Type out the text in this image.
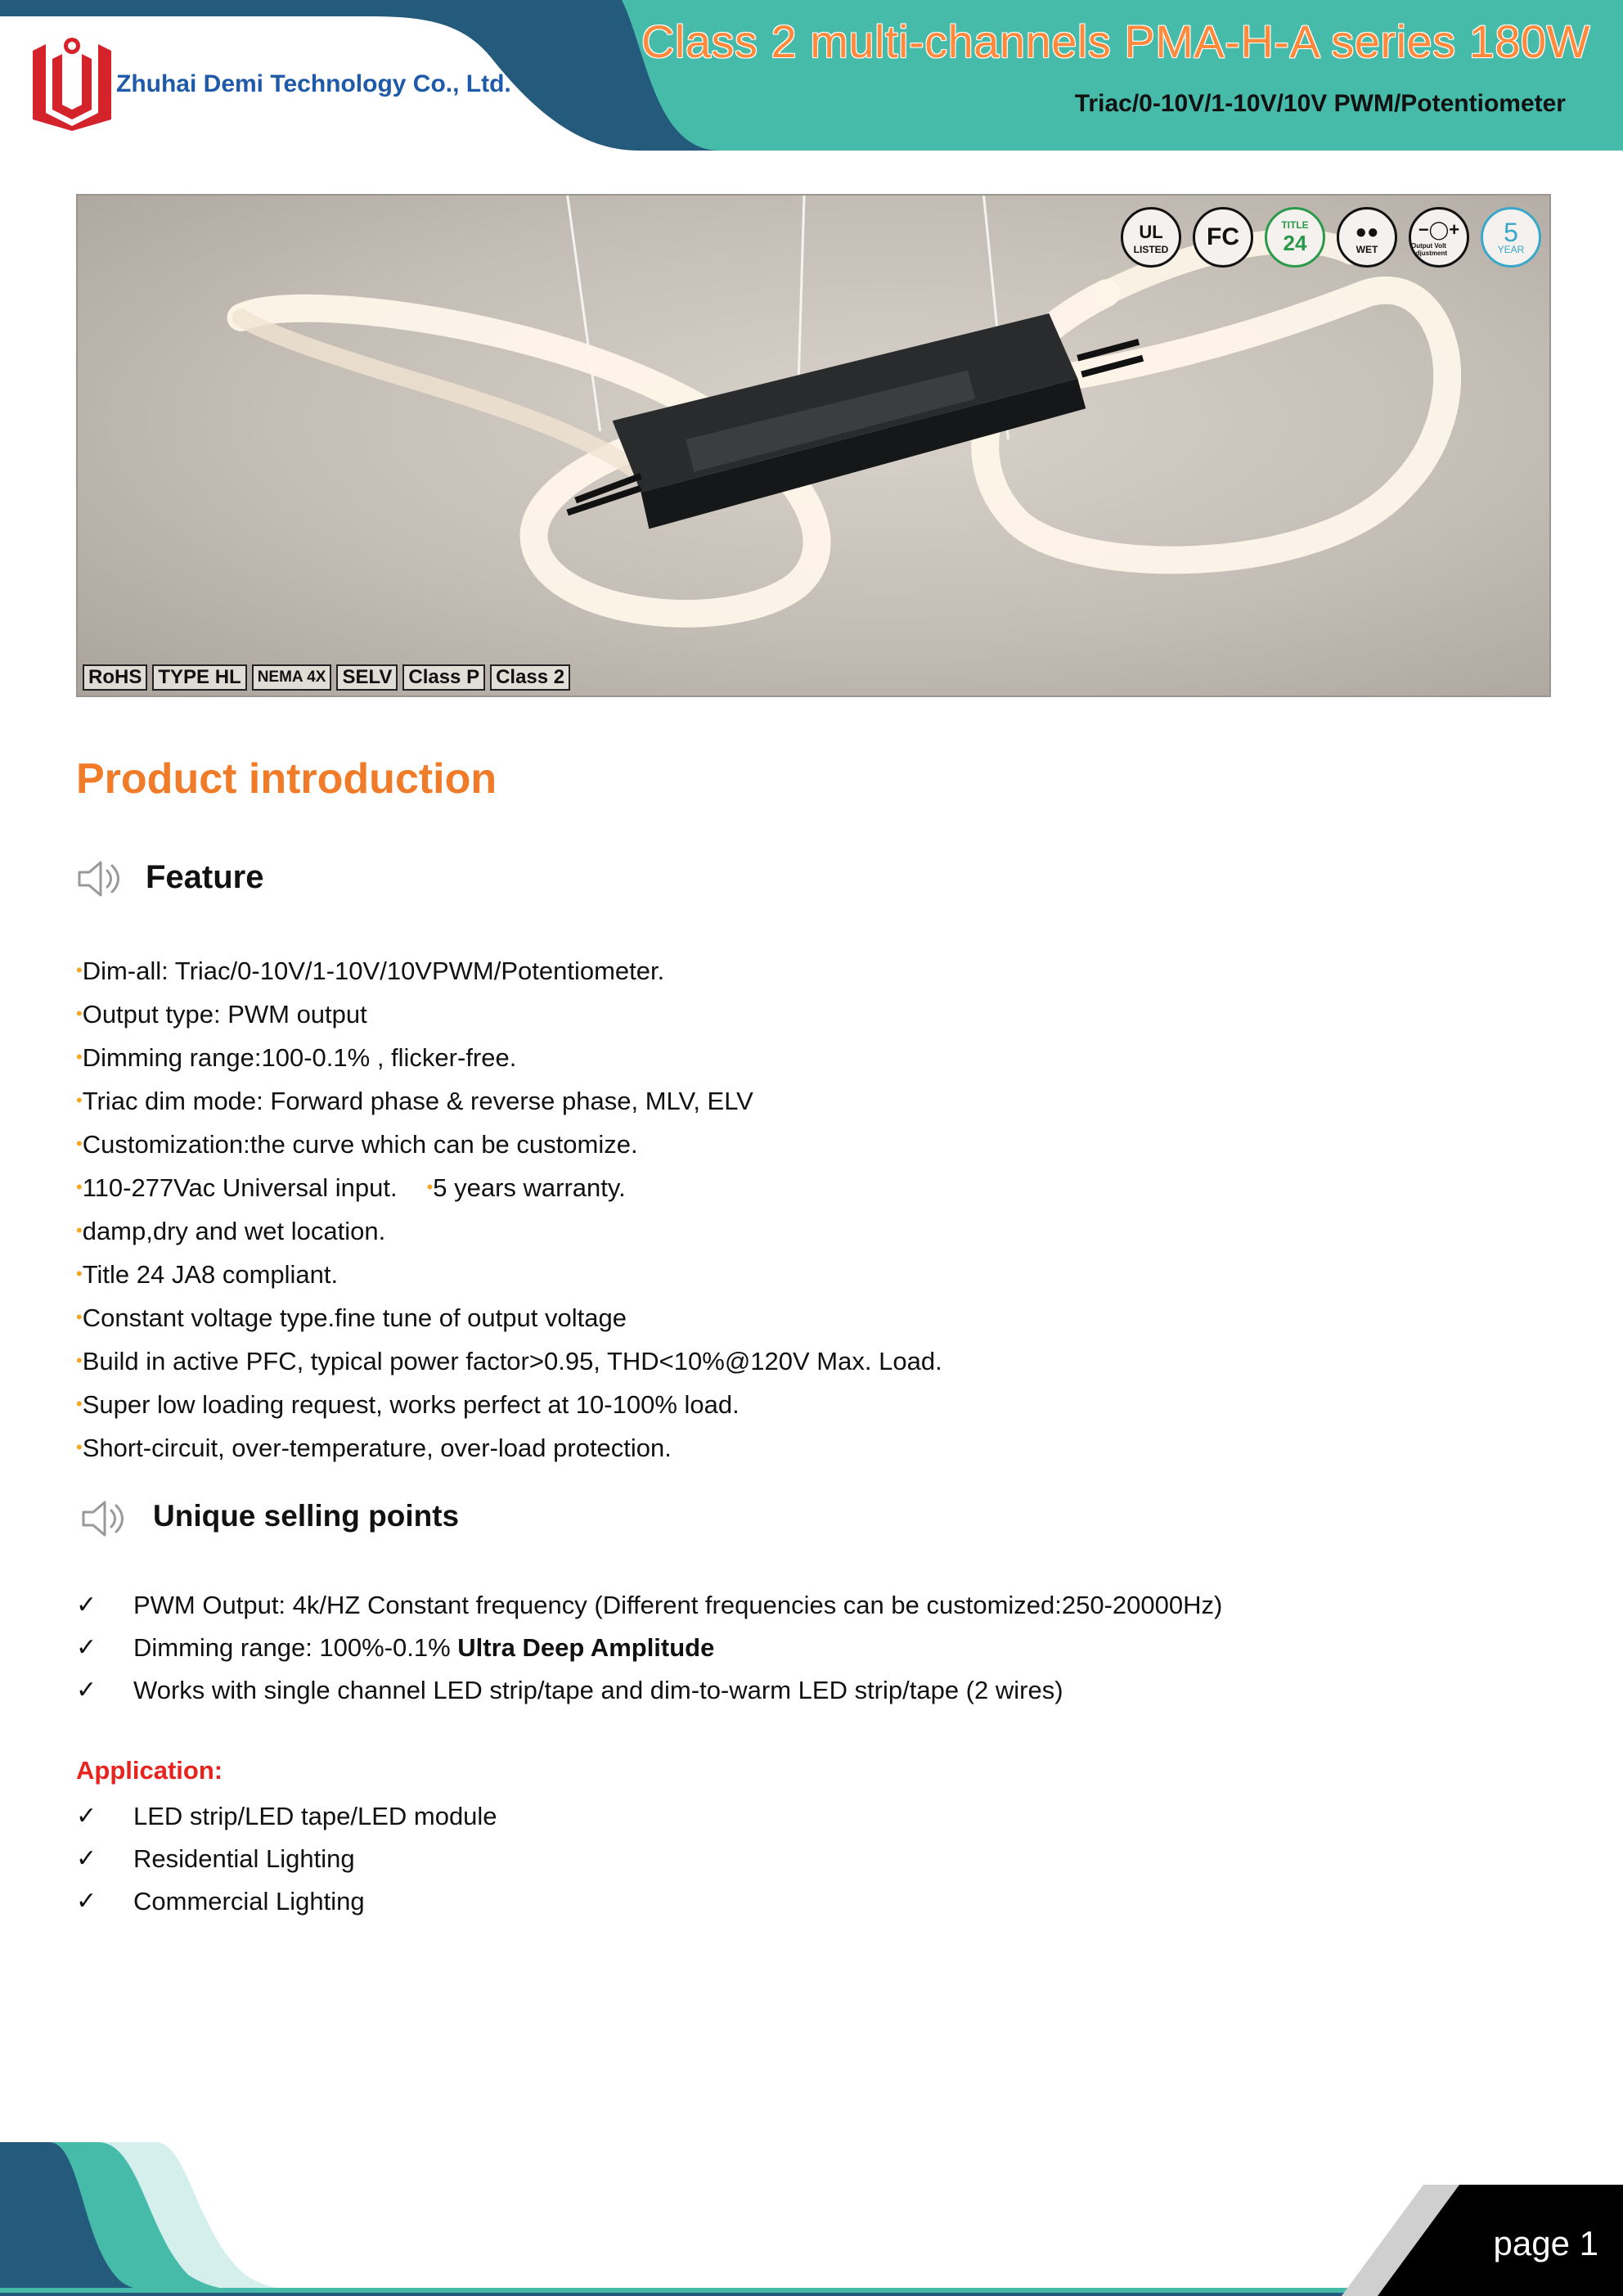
Zhuhai Demi Technology Co., Ltd.
Class 2 multi-channels PMA-H-A series 180W
Triac/0-10V/1-10V/10V PWM/Potentiometer
UL
LISTED FC	TITLE
24 ●●
WET
−◯+
Output Volt Adjustment
5
YEAR
RoHS TYPE HL	NEMA 4X SELV Class P Class 2
Product introduction
Feature
•Dim-all: Triac/0-10V/1-10V/10VPWM/Potentiometer.
•Output type: PWM output
•Dimming range:100-0.1% , flicker-free.
•Triac dim mode: Forward phase & reverse phase, MLV, ELV
•Customization:the curve which can be customize.
•110-277Vac Universal input. •5 years warranty.
•damp,dry and wet location.
•Title 24 JA8 compliant.
•Constant voltage type.fine tune of output voltage
•Build in active PFC, typical power factor>0.95, THD<10%@120V Max. Load.
•Super low loading request, works perfect at 10-100% load.
•Short-circuit, over-temperature, over-load protection.
Unique selling points
✓ PWM Output: 4k/HZ Constant frequency (Different frequencies can be customized:250-20000Hz)
✓ Dimming range: 100%-0.1% Ultra Deep Amplitude
✓ Works with single channel LED strip/tape and dim-to-warm LED strip/tape (2 wires)
Application:
✓ LED strip/LED tape/LED module
✓ Residential Lighting
✓ Commercial Lighting
page 1
